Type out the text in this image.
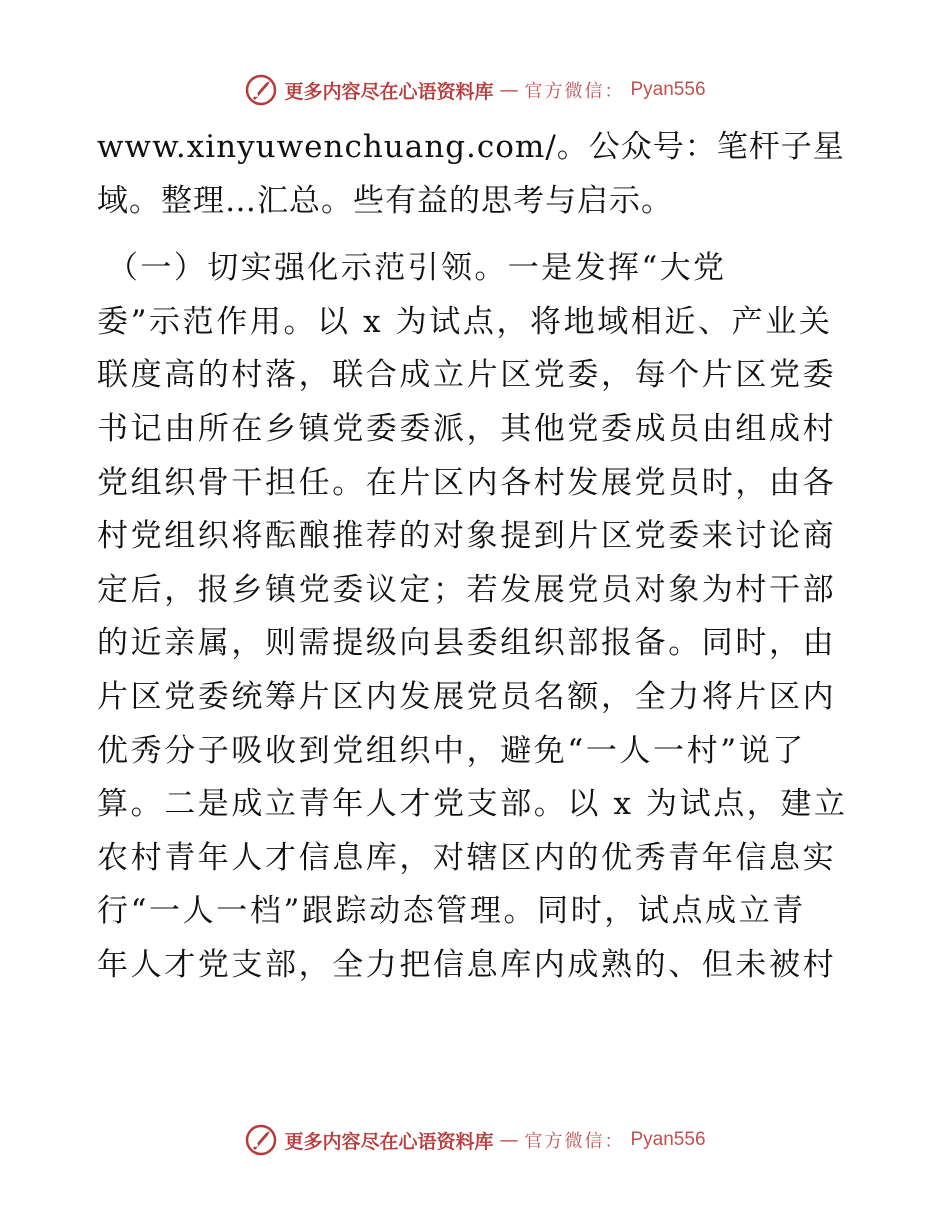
更多内容尽在心语资料库 — 官方微信： Pyan556
www.xinyuwenchuang.com/。公众号：笔杆子星
域。整理…汇总。些有益的思考与启示。
（一）切实强化示范引领。一是发挥“大党
委”示范作用。以 x 为试点，将地域相近、产业关
联度高的村落，联合成立片区党委，每个片区党委
书记由所在乡镇党委委派，其他党委成员由组成村
党组织骨干担任。在片区内各村发展党员时，由各
村党组织将酝酿推荐的对象提到片区党委来讨论商
定后，报乡镇党委议定；若发展党员对象为村干部
的近亲属，则需提级向县委组织部报备。同时，由
片区党委统筹片区内发展党员名额，全力将片区内
优秀分子吸收到党组织中，避免“一人一村”说了
算。二是成立青年人才党支部。以 x 为试点，建立
农村青年人才信息库，对辖区内的优秀青年信息实
行“一人一档”跟踪动态管理。同时，试点成立青
年人才党支部，全力把信息库内成熟的、但未被村
更多内容尽在心语资料库 — 官方微信： Pyan556
